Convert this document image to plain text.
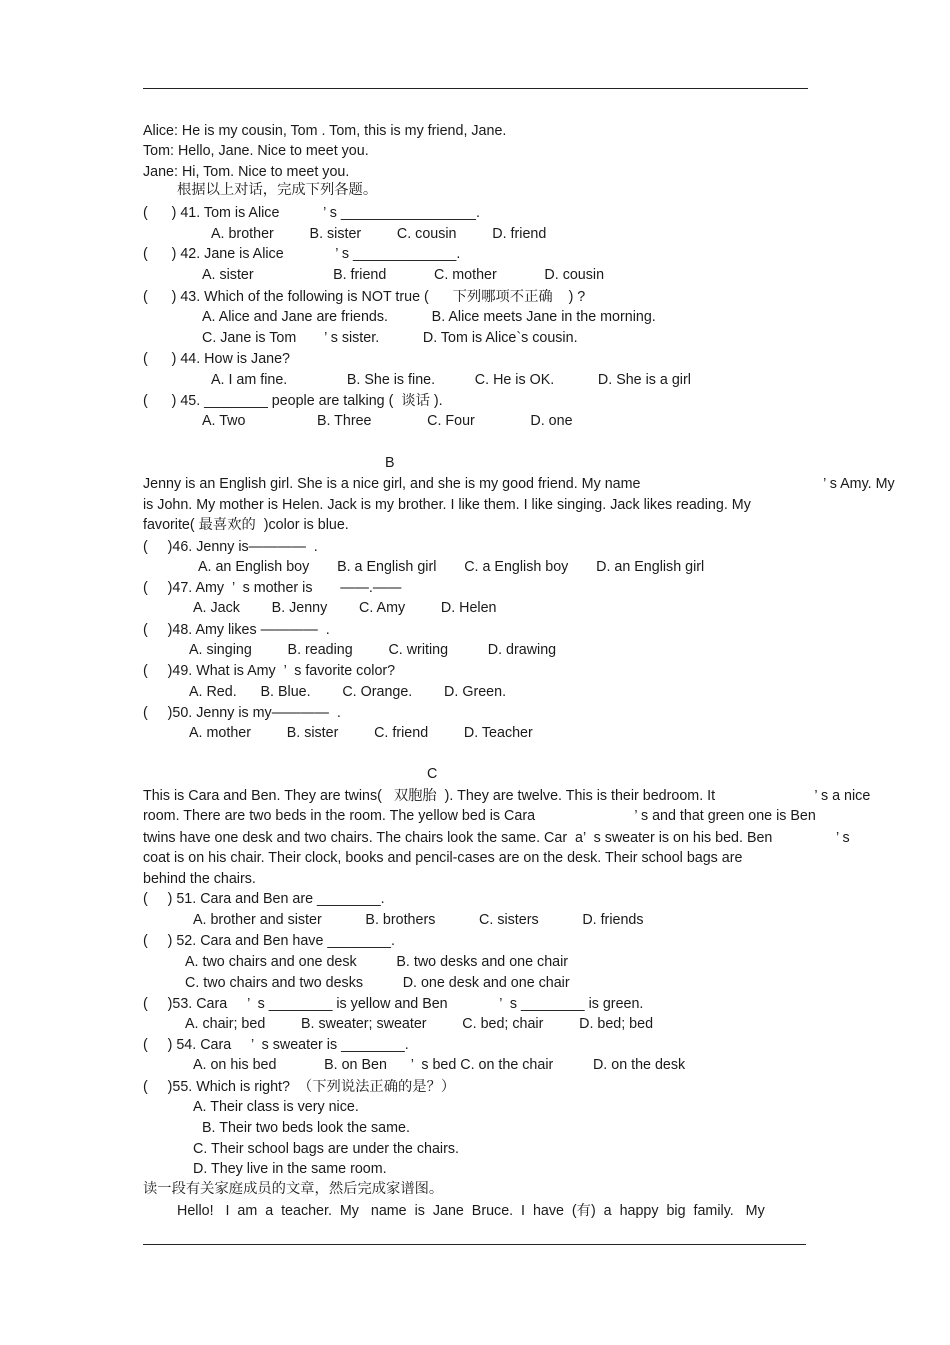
Alice: He is my cousin, Tom . Tom, this is my friend, Jane.
Tom: Hello, Jane. Nice to meet you.
Jane: Hi, Tom. Nice to meet you.
根据以上对话，完成下列各题。
(      ) 41. Tom is Alice           ’ s _________________.
A. brother         B. sister         C. cousin         D. friend
(      ) 42. Jane is Alice             ’ s _____________.
A. sister                    B. friend            C. mother            D. cousin
(      ) 43. Which of the following is NOT true (      下列哪项不正确    ) ?
A. Alice and Jane are friends.           B. Alice meets Jane in the morning.
C. Jane is Tom       ’ s sister.           D. Tom is Alice`s cousin.
(      ) 44. How is Jane?
A. I am fine.               B. She is fine.          C. He is OK.           D. She is a girl
(      ) 45. ________ people are talking (  谈话 ).
A. Two                  B. Three              C. Four              D. one
B
Jenny is an English girl. She is a nice girl, and she is my good friend. My name                                              ’ s Amy. My
is John. My mother is Helen. Jack is my brother. I like them. I like singing. Jack likes reading. My
favorite( 最喜欢的  )color is blue.
(     )46. Jenny is————  .
A. an English boy       B. a English girl       C. a English boy       D. an English girl
(     )47. Amy  ’  s mother is       ——.——
A. Jack        B. Jenny        C. Amy         D. Helen
(     )48. Amy likes ————  .
A. singing         B. reading         C. writing          D. drawing
(     )49. What is Amy  ’  s favorite color?
A. Red.      B. Blue.        C. Orange.        D. Green.
(     )50. Jenny is my————  .
A. mother         B. sister         C. friend         D. Teacher
C
This is Cara and Ben. They are twins(   双胞胎  ). They are twelve. This is their bedroom. It                         ’ s a nice
room. There are two beds in the room. The yellow bed is Cara                         ’ s and that green one is Ben
twins have one desk and two chairs. The chairs look the same. Car  a’  s sweater is on his bed. Ben                ’ s
coat is on his chair. Their clock, books and pencil-cases are on the desk. Their school bags are
behind the chairs.
(     ) 51. Cara and Ben are ________.
A. brother and sister           B. brothers           C. sisters           D. friends
(     ) 52. Cara and Ben have ________.
A. two chairs and one desk          B. two desks and one chair
C. two chairs and two desks          D. one desk and one chair
(     )53. Cara     ’  s ________ is yellow and Ben             ’  s ________ is green.
A. chair; bed         B. sweater; sweater         C. bed; chair         D. bed; bed
(     ) 54. Cara     ’  s sweater is ________.
A. on his bed            B. on Ben      ’  s bed C. on the chair          D. on the desk
(     )55. Which is right?  （下列说法正确的是？）
A. Their class is very nice.
B. Their two beds look the same.
C. Their school bags are under the chairs.
D. They live in the same room.
读一段有关家庭成员的文章，然后完成家谱图。
Hello!   I  am  a  teacher.  My   name  is  Jane  Bruce.  I  have  (有)  a  happy  big  family.   My
